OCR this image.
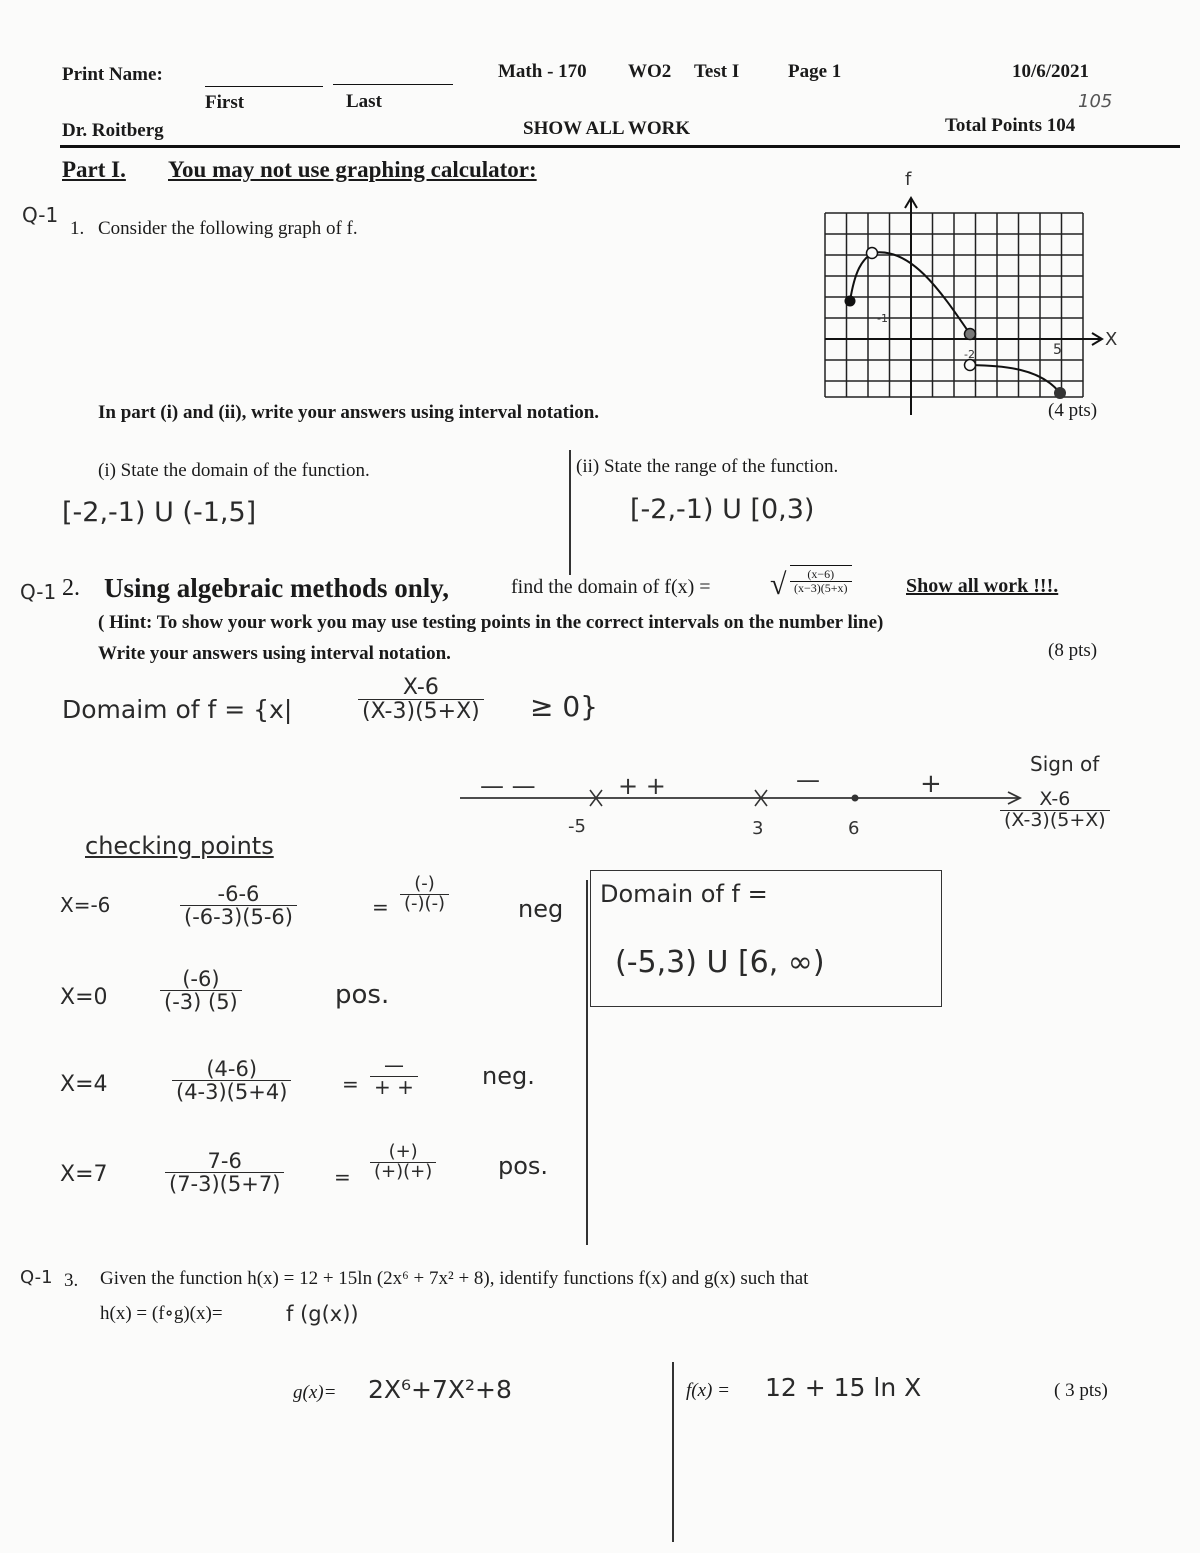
Print Name:
First	Last
Math - 170 WO2 Test I	Page 1	10/6/2021
105
Dr. Roitberg	SHOW ALL WORK	Total Points 104
Part I. You may not use graphing calculator:
Q-1
1. Consider the following graph of f.
f
X
-1
5
-2
In part (i) and (ii), write your answers using interval notation.	(4 pts)
(i) State the domain of the function.	(ii) State the range of the function.
[-2,-1) U (-1,5]	[-2,-1) U [0,3)
Q-1 2. Using algebraic methods only,	find the domain of f(x) = √ $\frac{(x-6)}{(x-3)(5+x)}$	Show all work !!!.
( Hint: To show your work you may use testing points in the correct intervals on the number line)
Write your answers using interval notation.	(8 pts)
Domaim of f = {x|	$\frac{X-6}{(X-3)(5+X)} \ge 0$}
— —	+ +	—	+
-5	3	6
Sign of
$\frac{X-6}{(X-3)(5+X)}$
checking points
X=-6	$\frac{-6-6}{(-6-3)(5-6)}$	= $\frac{(-)}{(-)(-)}$	neg
$X=0 \frac{(-6)}{(-3) (5)}$	pos.
X=4	$\frac{(4-6)}{(4-3)(5+4)}$	= $\frac{—}{+ +}$	neg.
X=7	$\frac{7-6}{(7-3)(5+7)} = \frac{(+)}{(+)(+)}$	pos.
Domain of f =
(-5,3) U [6, ∞)
Q-1 3. Given the function h(x) = 12 + 15ln (2x⁶ + 7x² + 8), identify functions f(x) and g(x) such that
h(x) = (f∘g)(x)=	f (g(x))
g(x)= 2X⁶+7X²+8	f(x) = 12 + 15 ln X	( 3 pts)
